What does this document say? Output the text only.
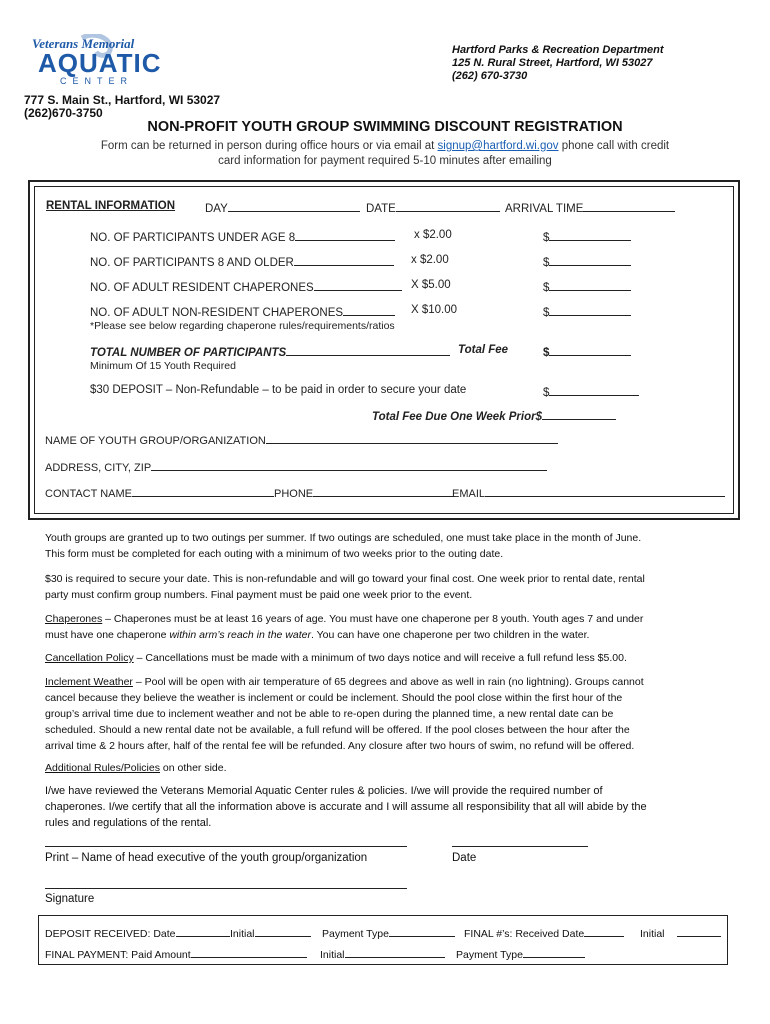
Veterans Memorial
AQUATIC
CENTER
Hartford Parks & Recreation Department
125 N. Rural Street, Hartford, WI 53027
(262) 670-3730
777 S. Main St., Hartford, WI 53027
(262)670-3750
NON-PROFIT YOUTH GROUP SWIMMING DISCOUNT REGISTRATION
Form can be returned in person during office hours or via email at signup@hartford.wi.gov phone call with credit
card information for payment required 5-10 minutes after emailing
RENTAL INFORMATION	DAY	DATE	ARRIVAL TIME
NO. OF PARTICIPANTS UNDER AGE 8	x $2.00	$
NO. OF PARTICIPANTS 8 AND OLDER	x $2.00	$
NO. OF ADULT RESIDENT CHAPERONES	X $5.00	$
NO. OF ADULT NON-RESIDENT CHAPERONES	X $10.00	$
*Please see below regarding chaperone rules/requirements/ratios
TOTAL NUMBER OF PARTICIPANTS	Total Fee	$
Minimum Of 15 Youth Required
$30 DEPOSIT – Non-Refundable – to be paid in order to secure your date	$
Total Fee Due One Week Prior$
NAME OF YOUTH GROUP/ORGANIZATION
ADDRESS, CITY, ZIP
CONTACT NAME	PHONE	EMAIL
Youth groups are granted up to two outings per summer. If two outings are scheduled, one must take place in the month of June.
This form must be completed for each outing with a minimum of two weeks prior to the outing date.
$30 is required to secure your date. This is non-refundable and will go toward your final cost. One week prior to rental date, rental
party must confirm group numbers. Final payment must be paid one week prior to the event.
Chaperones – Chaperones must be at least 16 years of age. You must have one chaperone per 8 youth. Youth ages 7 and under
must have one chaperone within arm’s reach in the water. You can have one chaperone per two children in the water.
Cancellation Policy – Cancellations must be made with a minimum of two days notice and will receive a full refund less $5.00.
Inclement Weather – Pool will be open with air temperature of 65 degrees and above as well in rain (no lightning). Groups cannot
cancel because they believe the weather is inclement or could be inclement. Should the pool close within the first hour of the
group’s arrival time due to inclement weather and not be able to re-open during the planned time, a new rental date can be
scheduled. Should a new rental date not be available, a full refund will be offered. If the pool closes between the hour after the
arrival time & 2 hours after, half of the rental fee will be refunded. Any closure after two hours of swim, no refund will be offered.
Additional Rules/Policies on other side.
I/we have reviewed the Veterans Memorial Aquatic Center rules & policies. I/we will provide the required number of
chaperones. I/we certify that all the information above is accurate and I will assume all responsibility that all will abide by the
rules and regulations of the rental.
Print – Name of head executive of the youth group/organization	Date
Signature
DEPOSIT RECEIVED: Date	Initial	Payment Type	FINAL #’s: Received Date	Initial
FINAL PAYMENT: Paid Amount	Initial	Payment Type
